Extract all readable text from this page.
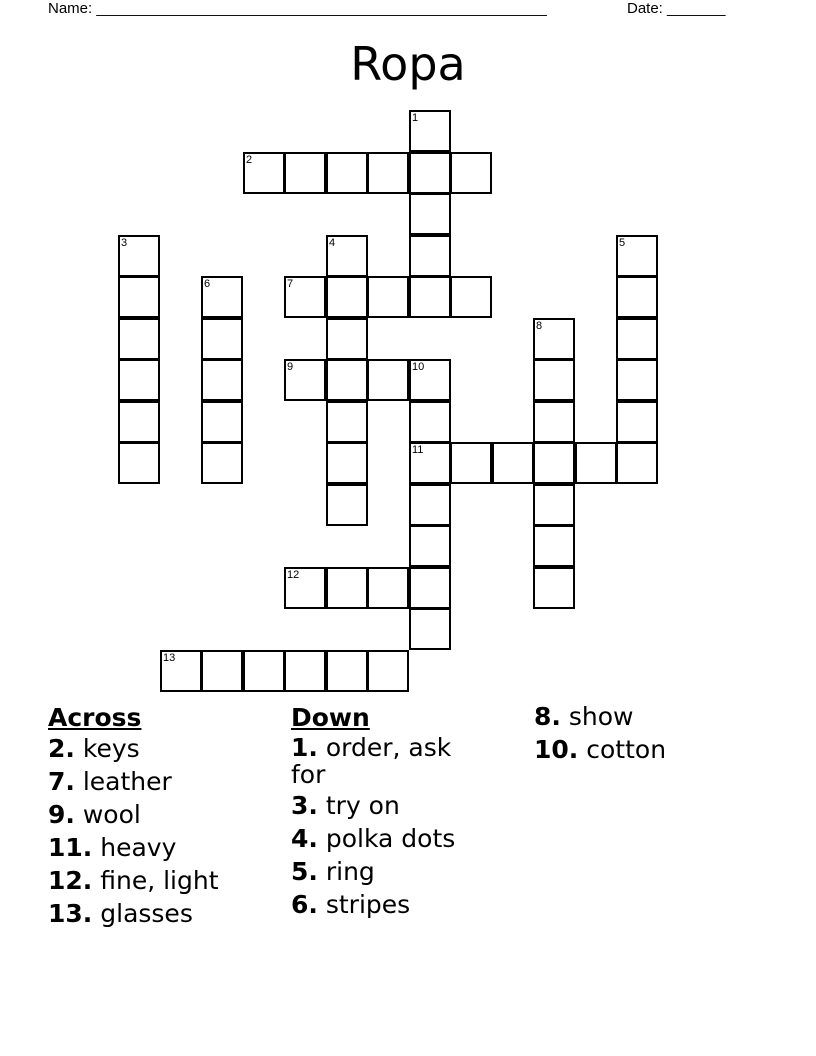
Name: ______________________________________________________	Date: _______
Ropa
1
2
3	4	5
6	7
8
9	10
11
12
13
Across
2. keys
7. leather
9. wool
11. heavy
12. fine, light
13. glasses
Down
1. order, ask for
3. try on
4. polka dots
5. ring
6. stripes
8. show
10. cotton
